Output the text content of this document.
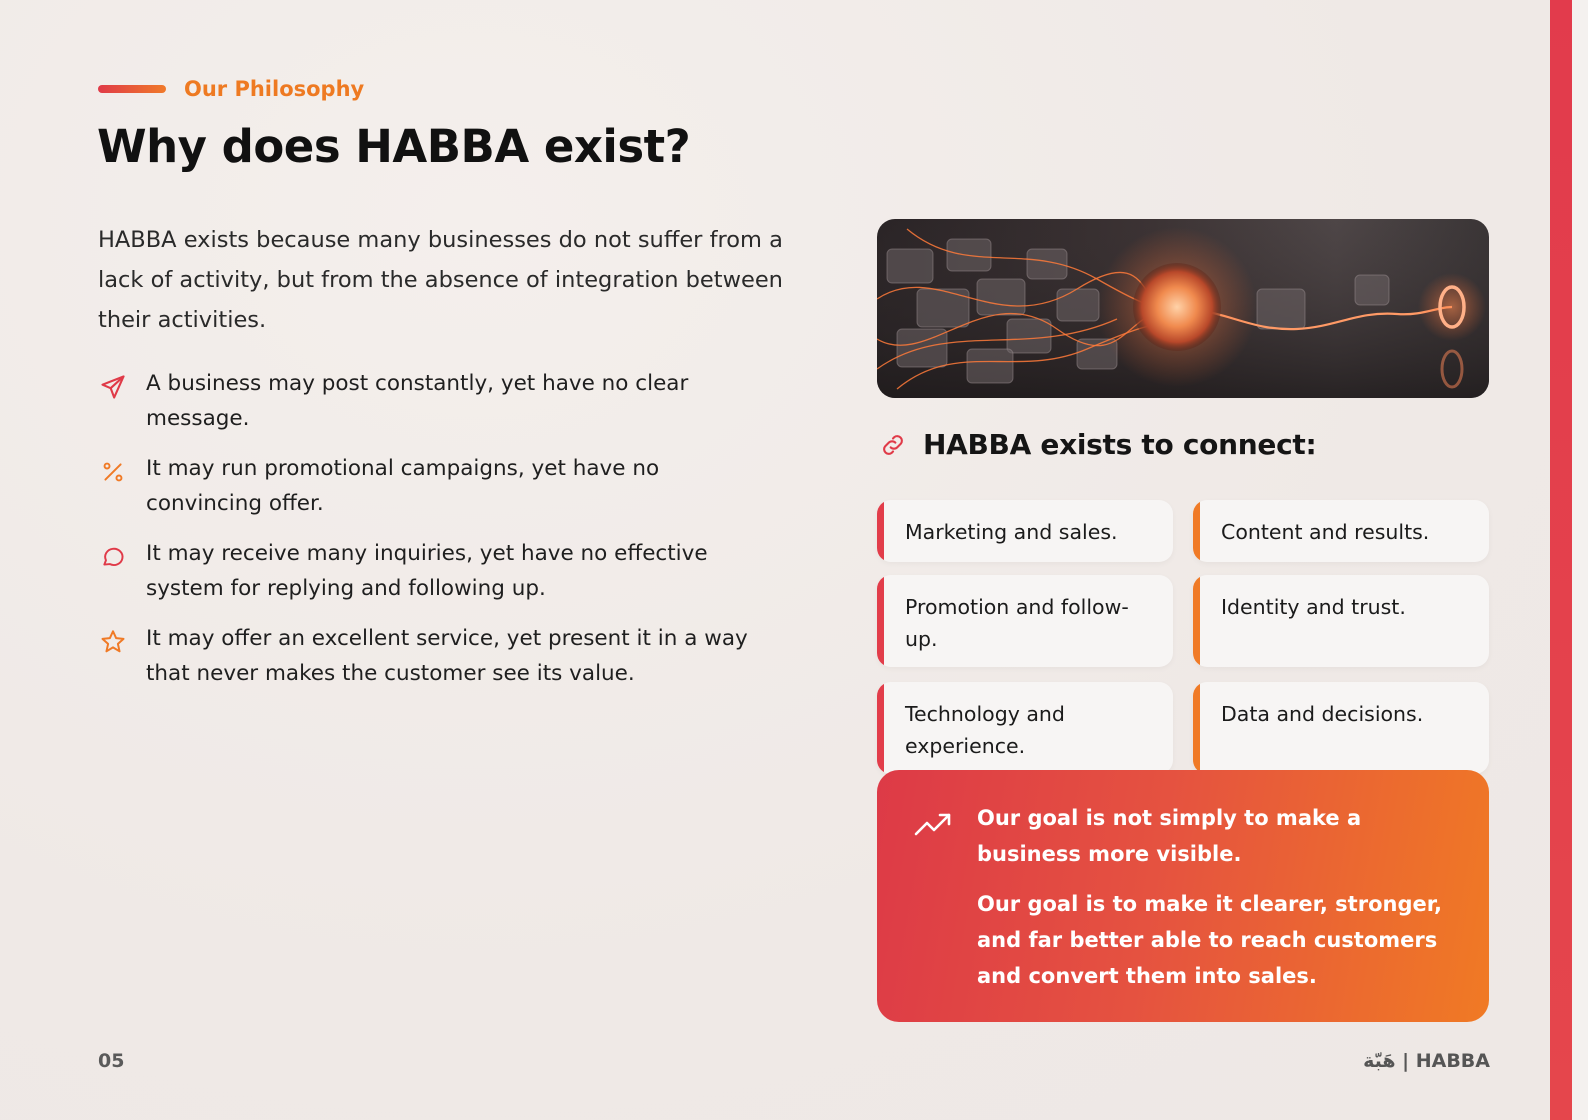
Our Philosophy
Why does HABBA exist?

HABBA exists because many businesses do not suffer from a lack of activity, but from the absence of integration between their activities.

A business may post constantly, yet have no clear message.
It may run promotional campaigns, yet have no convincing offer.
It may receive many inquiries, yet have no effective system for replying and following up.
It may offer an excellent service, yet present it in a way that never makes the customer see its value.
HABBA exists to connect:
Marketing and sales.	Content and results.
Promotion and follow-up.
Identity and trust.
Technology and experience.
Data and decisions.

Our goal is not simply to make a business more visible.

Our goal is to make it clearer, stronger, and far better able to reach customers and convert them into sales.

05	هَبّة | HABBA
